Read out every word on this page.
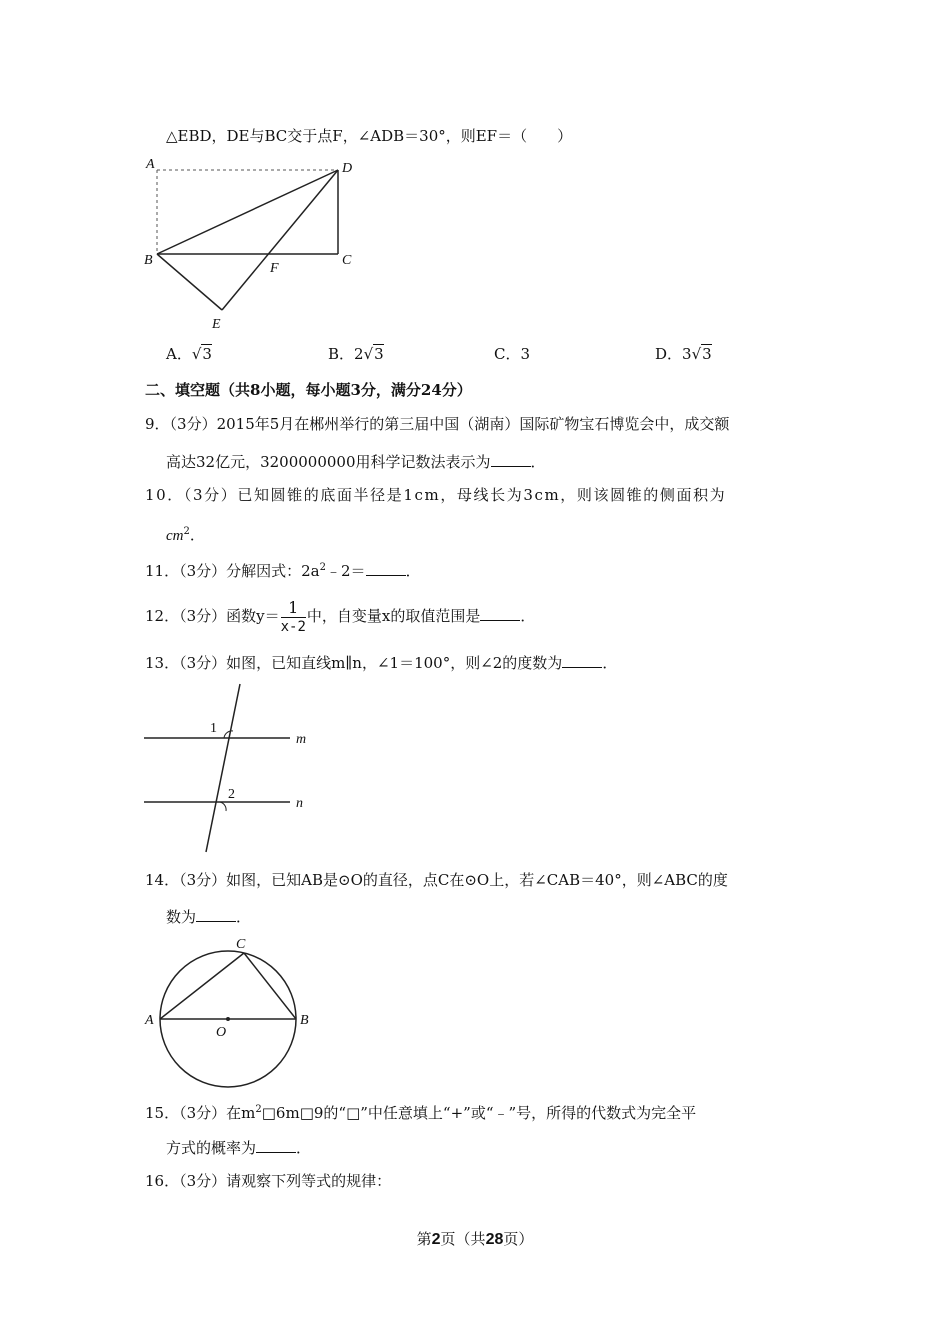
△EBD，DE与BC交于点F，∠ADB＝30°，则EF＝（　　）
A	D
B	C
F
E
A．√3	B．2√3	C．3	D．3√3
二、填空题（共8小题，每小题3分，满分24分）
9．（3分）2015年5月在郴州举行的第三届中国（湖南）国际矿物宝石博览会中，成交额
高达32亿元，3200000000用科学记数法表示为	．
10．（3分）已知圆锥的底面半径是1cm，母线长为3cm，则该圆锥的侧面积为
$cm^2$．
11．（3分）分解因式：$2a^2﹣2=$	．
12．（3分）函数$y= \frac{1}{x-2}$ 中，自变量x的取值范围是	．
13．（3分）如图，已知直线m∥n，∠1＝100°，则∠2的度数为	．
1
2
m
n
14．（3分）如图，已知AB是⊙O的直径，点C在⊙O上，若∠CAB＝40°，则∠ABC的度
数为	．
A	B
C
O
15．（3分）在$m^2□6m□9$的“□”中任意填上“+”或“﹣”号，所得的代数式为完全平
方式的概率为	．
16．（3分）请观察下列等式的规律：
第2页（共28页）
